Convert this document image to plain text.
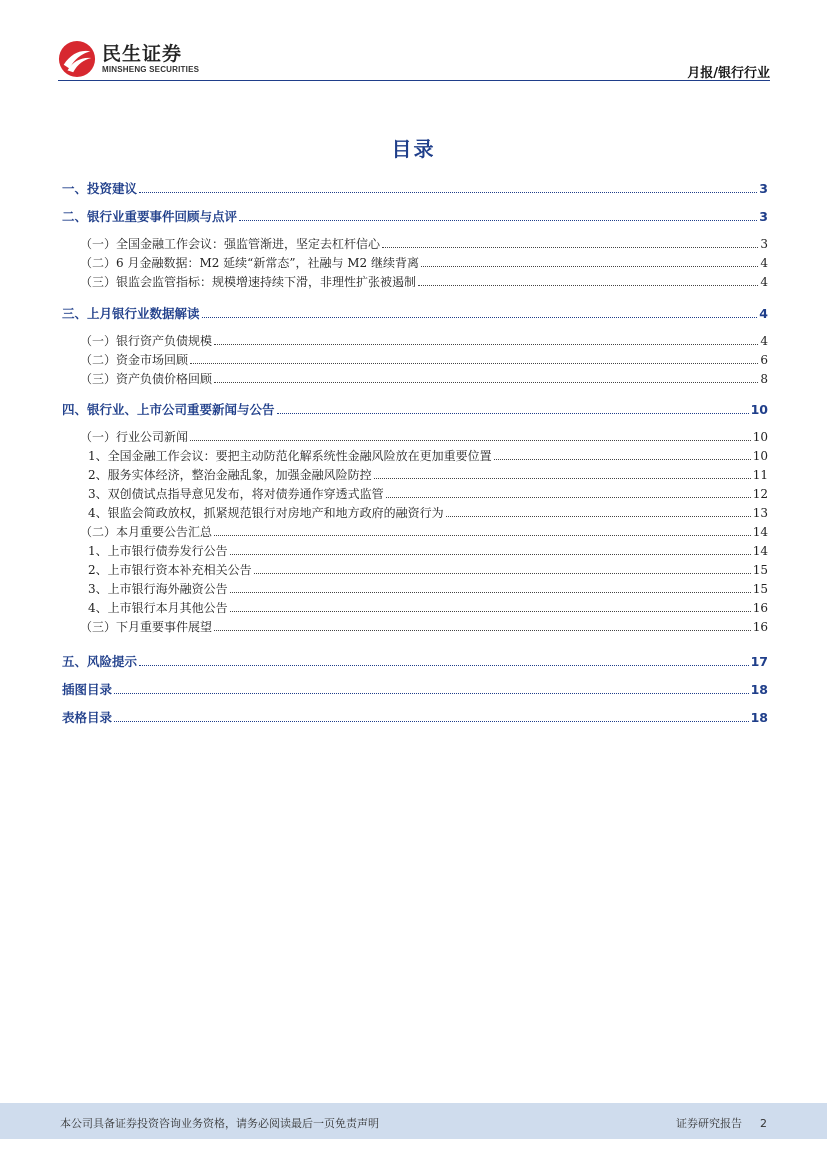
民生证券
MINSHENG SECURITIES	月报/银行行业
目录
一、投资建议	3
二、银行业重要事件回顾与点评	3
（一）全国金融工作会议：强监管渐进，坚定去杠杆信心	3
（二）6 月金融数据：M2 延续“新常态”，社融与 M2 继续背离	4
（三）银监会监管指标：规模增速持续下滑，非理性扩张被遏制	4
三、上月银行业数据解读	4
（一）银行资产负债规模	4
（二）资金市场回顾	6
（三）资产负债价格回顾	8
四、银行业、上市公司重要新闻与公告	10
（一）行业公司新闻	10
1、全国金融工作会议：要把主动防范化解系统性金融风险放在更加重要位置	10
2、服务实体经济，整治金融乱象，加强金融风险防控	11
3、双创债试点指导意见发布，将对债券通作穿透式监管	12
4、银监会简政放权，抓紧规范银行对房地产和地方政府的融资行为	13
（二）本月重要公告汇总	14
1、上市银行债券发行公告	14
2、上市银行资本补充相关公告	15
3、上市银行海外融资公告	15
4、上市银行本月其他公告	16
（三）下月重要事件展望	16
五、风险提示	17
插图目录	18
表格目录	18
本公司具备证券投资咨询业务资格，请务必阅读最后一页免责声明	证券研究报告 2
